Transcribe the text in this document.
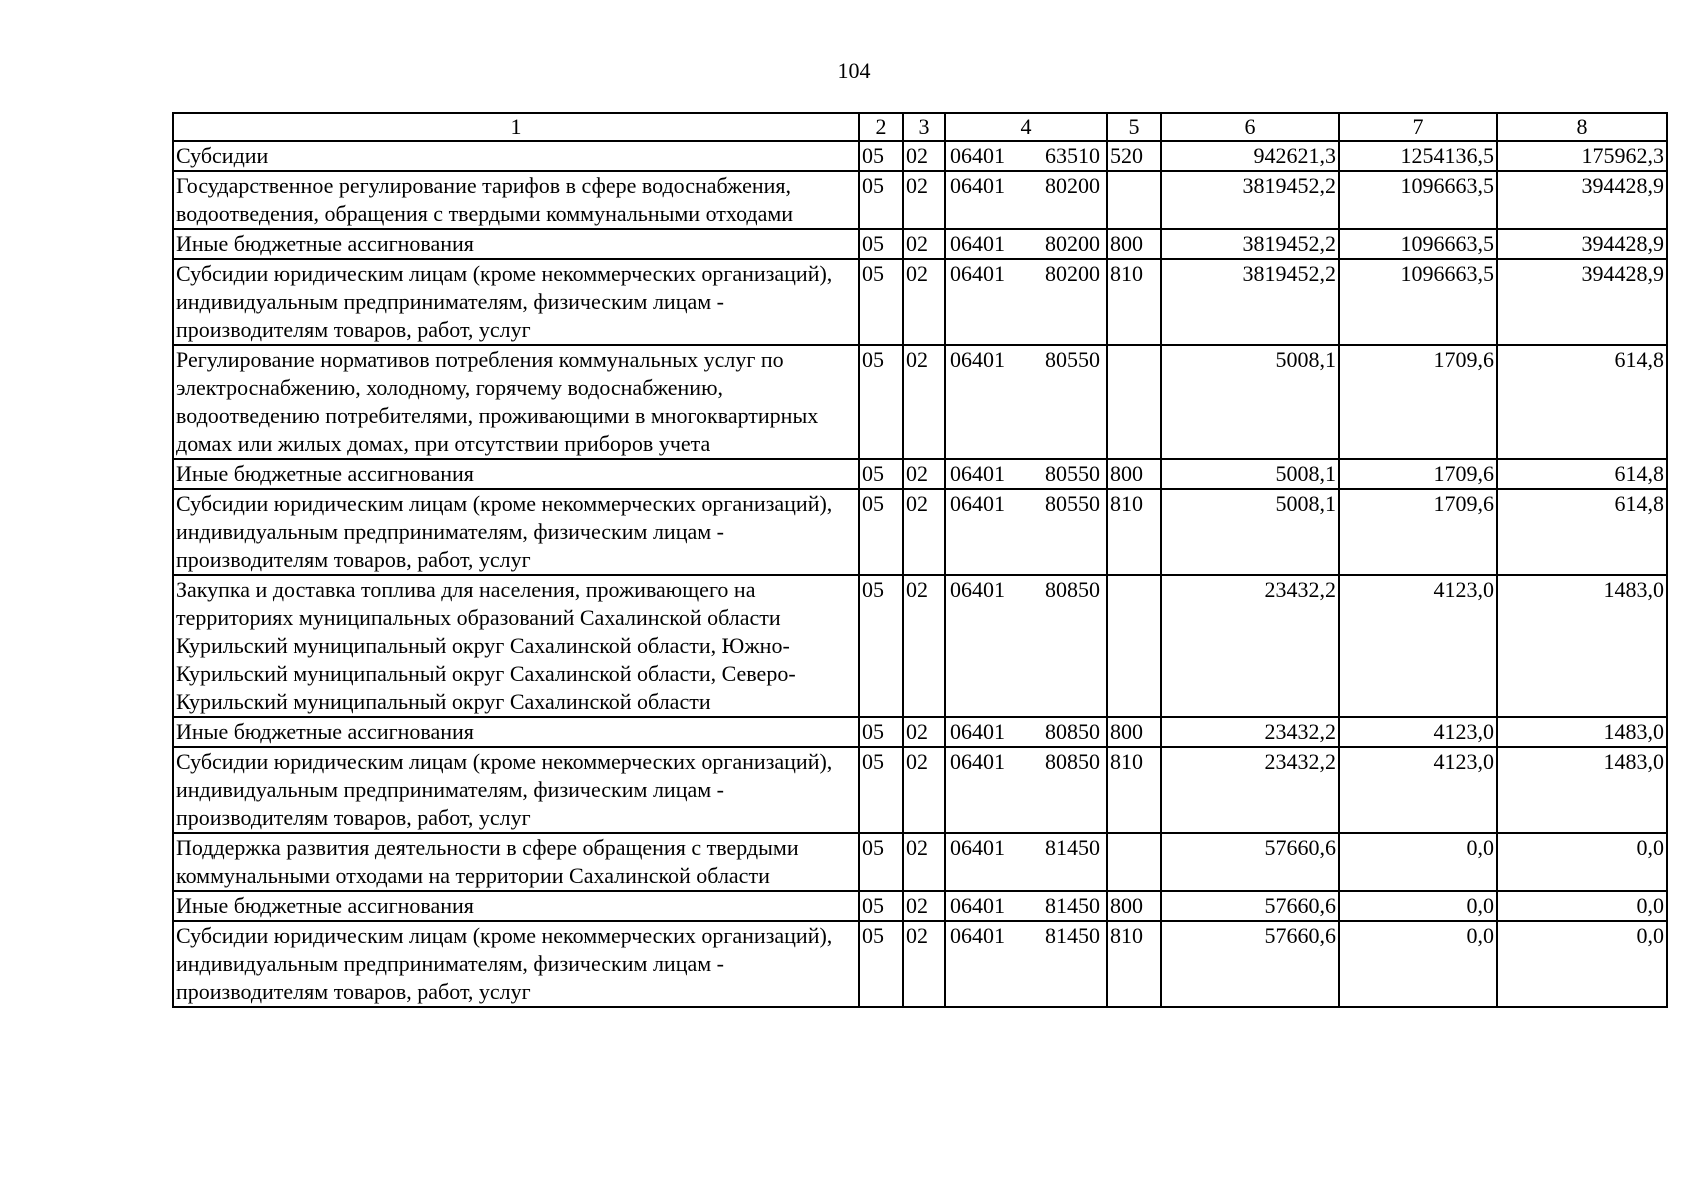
104
1	2	3	4	5	6	7	8
Субсидии	05	02	06401 63510	520	942621,3	1254136,5	175962,3
Государственное регулирование тарифов в сфере водоснабжения, водоотведения, обращения с твердыми коммунальными отходами	05	02	06401 80200		3819452,2	1096663,5	394428,9
Иные бюджетные ассигнования	05	02	06401 80200	800	3819452,2	1096663,5	394428,9
Субсидии юридическим лицам (кроме некоммерческих организаций), индивидуальным предпринимателям, физическим лицам - производителям товаров, работ, услуг	05	02	06401 80200	810	3819452,2	1096663,5	394428,9
Регулирование нормативов потребления коммунальных услуг по электроснабжению, холодному, горячему водоснабжению, водоотведению потребителями, проживающими в многоквартирных домах или жилых домах, при отсутствии приборов учета	05	02	06401 80550		5008,1	1709,6	614,8
Иные бюджетные ассигнования	05	02	06401 80550	800	5008,1	1709,6	614,8
Субсидии юридическим лицам (кроме некоммерческих организаций), индивидуальным предпринимателям, физическим лицам - производителям товаров, работ, услуг	05	02	06401 80550	810	5008,1	1709,6	614,8
Закупка и доставка топлива для населения, проживающего на территориях муниципальных образований Сахалинской области Курильский муниципальный округ Сахалинской области, Южно-Курильский муниципальный округ Сахалинской области, Северо-Курильский муниципальный округ Сахалинской области	05	02	06401 80850		23432,2	4123,0	1483,0
Иные бюджетные ассигнования	05	02	06401 80850	800	23432,2	4123,0	1483,0
Субсидии юридическим лицам (кроме некоммерческих организаций), индивидуальным предпринимателям, физическим лицам - производителям товаров, работ, услуг	05	02	06401 80850	810	23432,2	4123,0	1483,0
Поддержка развития деятельности в сфере обращения с твердыми коммунальными отходами на территории Сахалинской области	05	02	06401 81450		57660,6	0,0	0,0
Иные бюджетные ассигнования	05	02	06401 81450	800	57660,6	0,0	0,0
Субсидии юридическим лицам (кроме некоммерческих организаций), индивидуальным предпринимателям, физическим лицам - производителям товаров, работ, услуг	05	02	06401 81450	810	57660,6	0,0	0,0
